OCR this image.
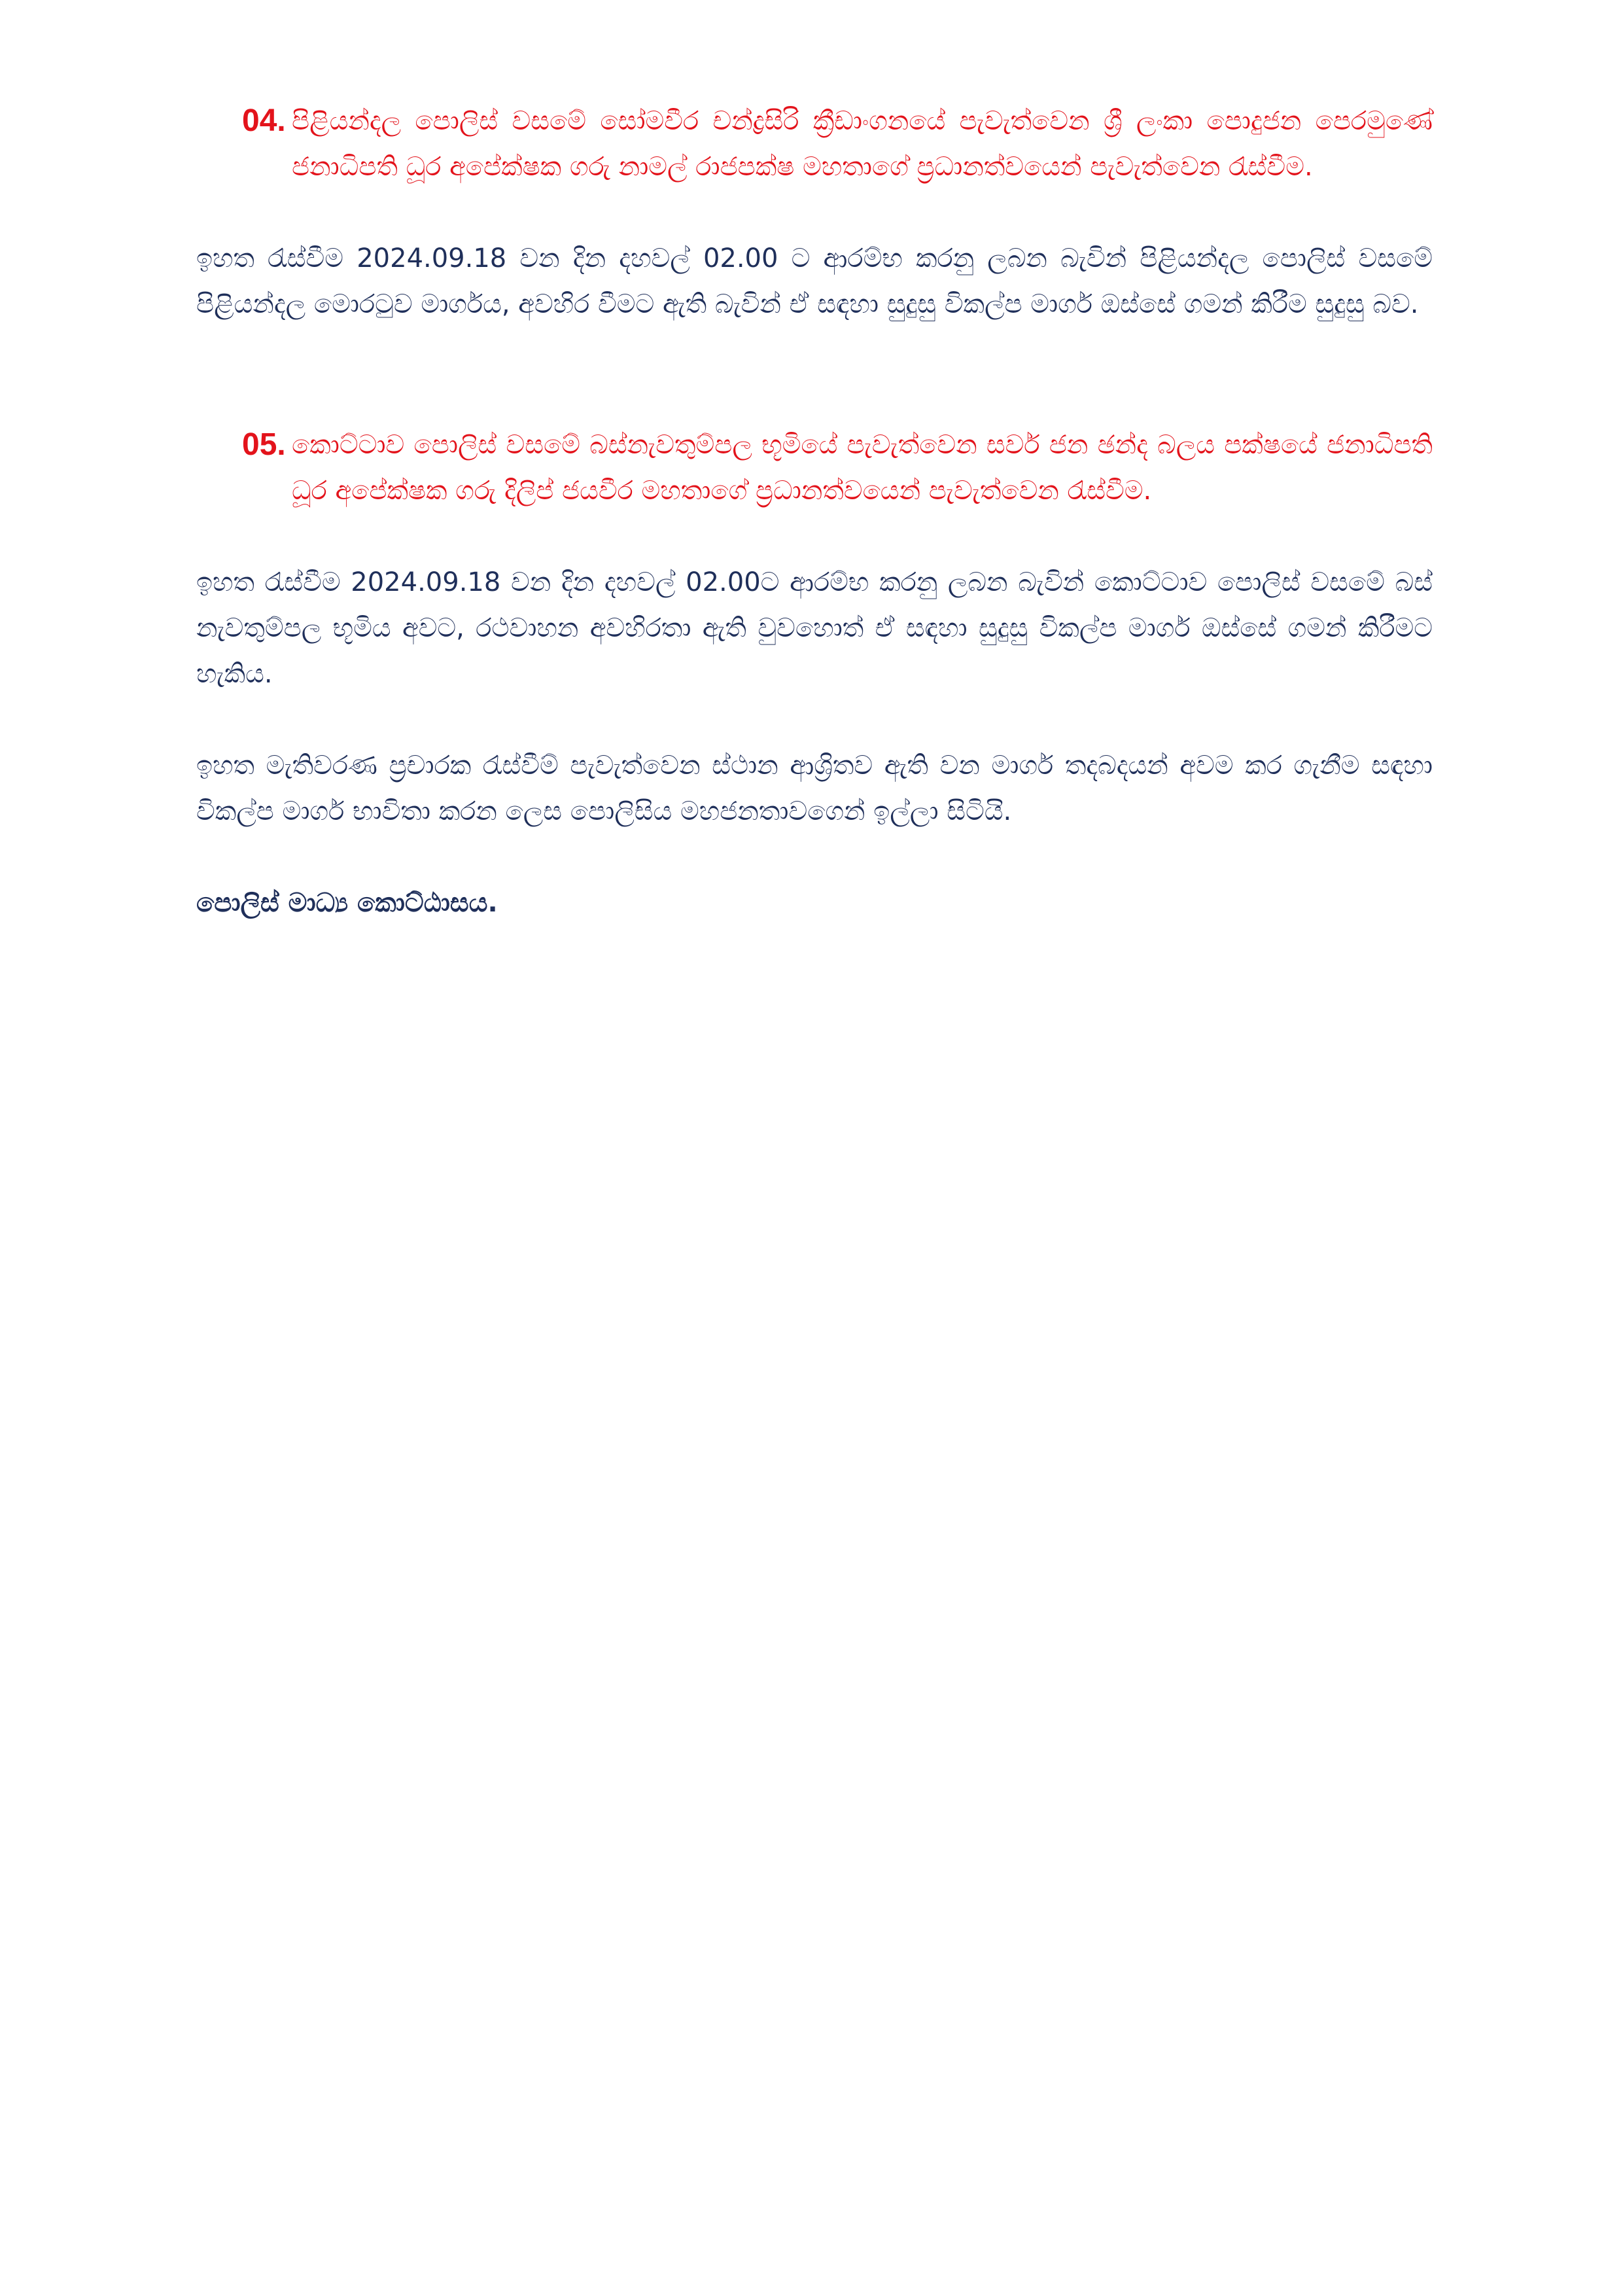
04. පිළියන්දල පොලිස් වසමේ සෝමවීර චන්ද්‍රසිරි ක්‍රීඩාංගනයේ පැවැත්වෙන ශ්‍රී ලංකා පොදුජන පෙරමුණේ ජනාධිපති ධූර අපේක්ෂක ගරු නාමල් රාජපක්ෂ මහතාගේ ප්‍රධානත්වයෙන් පැවැත්වෙන රැස්වීම.

ඉහත රැස්වීම 2024.09.18 වන දින දහවල් 02.00 ට ආරම්භ කරනු ලබන බැවින් පිළියන්දල පොලිස් වසමේ පිළියන්දල මොරටුව මාර්ගය, අවහිර වීමට ඇති බැවින් ඒ සඳහා සුදුසු විකල්ප මාර්ග ඔස්සේ ගමන් කිරීම සුදුසු බව.

05. කොට්ටාව පොලිස් වසමේ බස්නැවතුම්පල භූමියේ පැවැත්වෙන සර්ව ජන ඡන්ද බලය පක්ෂයේ ජනාධිපති ධූර අපේක්ෂක ගරු දිලිප් ජයවීර මහතාගේ ප්‍රධානත්වයෙන් පැවැත්වෙන රැස්වීම.

ඉහත රැස්වීම 2024.09.18 වන දින දහවල් 02.00ට ආරම්භ කරනු ලබන බැවින් කොට්ටාව පොලිස් වසමේ බස් නැවතුම්පල භූමිය අවට, රථවාහන අවහිරතා ඇති වුවහොත් ඒ සඳහා සුදුසු විකල්ප මාර්ග ඔස්සේ ගමන් කිරීමට හැකිය.

ඉහත මැතිවරණ ප්‍රචාරක රැස්වීම් පැවැත්වෙන ස්ථාන ආශ්‍රිතව ඇති වන මාර්ග තදබදයන් අවම කර ගැනීම සඳහා විකල්ප මාර්ග භාවිතා කරන ලෙස පොලිසිය මහජනතාවගෙන් ඉල්ලා සිටියි.

පොලිස් මාධ්‍ය කොට්ඨාසය.
